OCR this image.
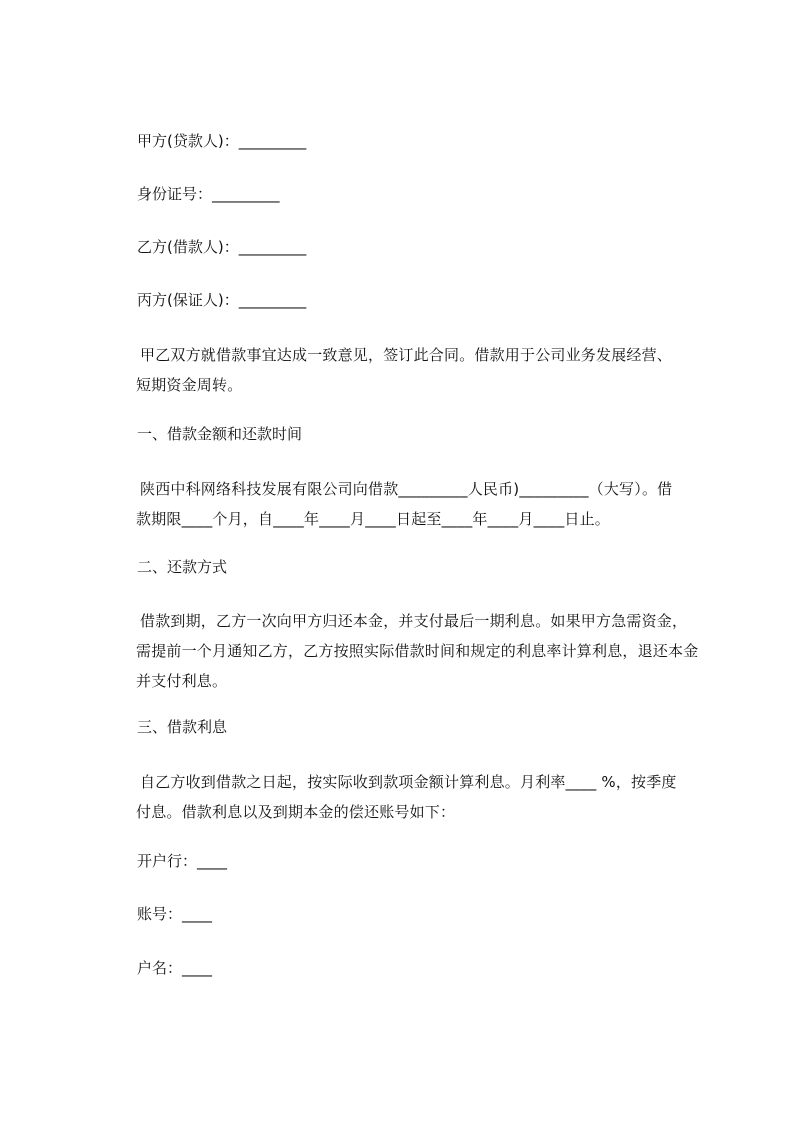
甲方(贷款人)：_________
身份证号：_________
乙方(借款人)：_________
丙方(保证人)：_________
甲乙双方就借款事宜达成一致意见，签订此合同。借款用于公司业务发展经营、
短期资金周转。
一、借款金额和还款时间
陕西中科网络科技发展有限公司向借款_________人民币)_________（大写）。借
款期限____个月，自____年____月____日起至____年____月____日止。
二、还款方式
借款到期，乙方一次向甲方归还本金，并支付最后一期利息。如果甲方急需资金，
需提前一个月通知乙方，乙方按照实际借款时间和规定的利息率计算利息，退还本金
并支付利息。
三、借款利息
自乙方收到借款之日起，按实际收到款项金额计算利息。月利率____ %，按季度
付息。借款利息以及到期本金的偿还账号如下：
开户行：____
账号：____
户名：____
